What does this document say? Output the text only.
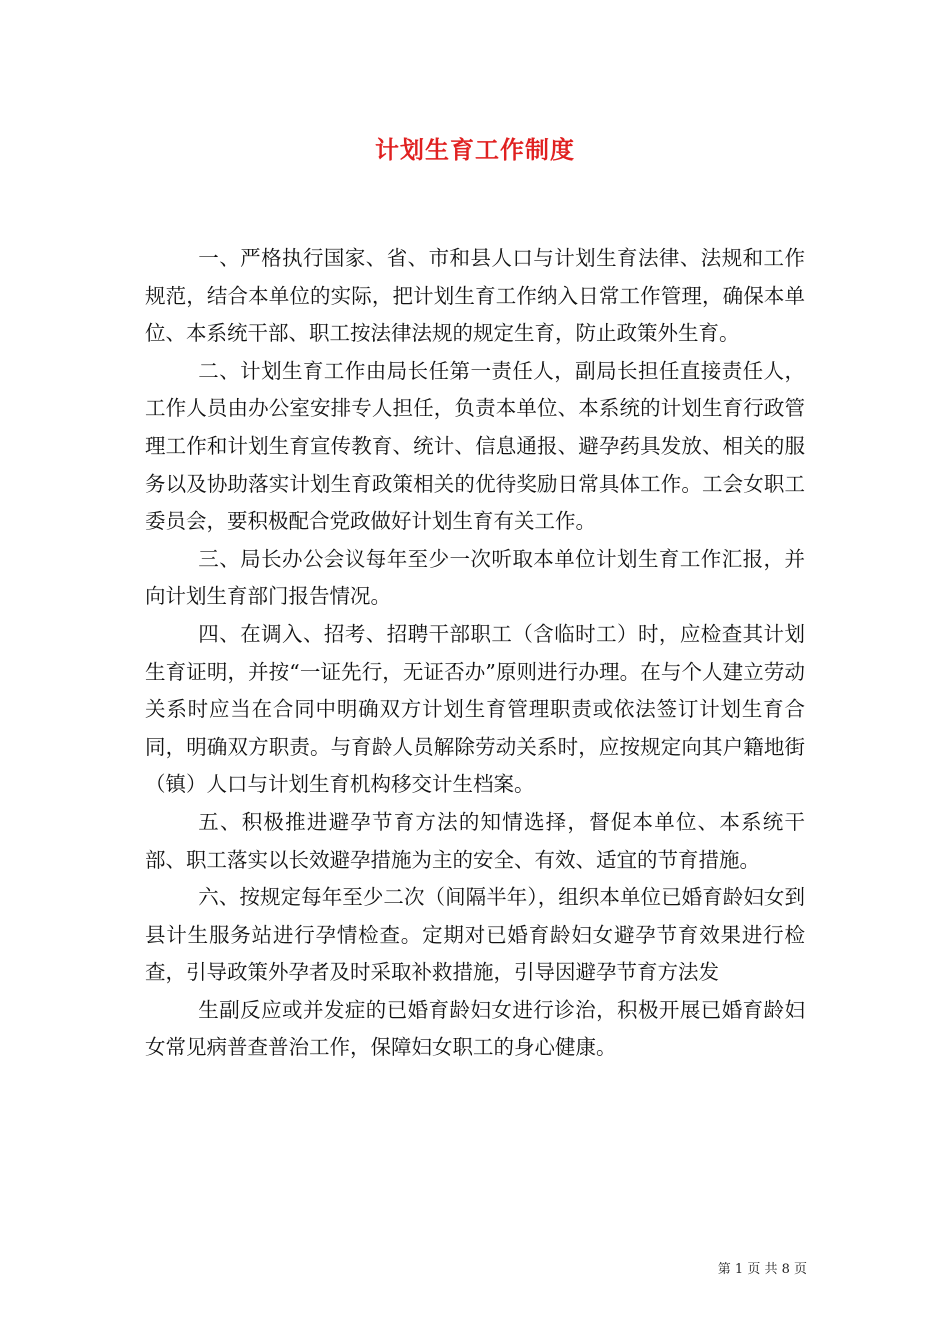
计划生育工作制度

一、严格执行国家、省、市和县人口与计划生育法律、法规和工作规范，结合本单位的实际，把计划生育工作纳入日常工作管理，确保本单位、本系统干部、职工按法律法规的规定生育，防止政策外生育。

二、计划生育工作由局长任第一责任人，副局长担任直接责任人，工作人员由办公室安排专人担任，负责本单位、本系统的计划生育行政管理工作和计划生育宣传教育、统计、信息通报、避孕药具发放、相关的服务以及协助落实计划生育政策相关的优待奖励日常具体工作。工会女职工委员会，要积极配合党政做好计划生育有关工作。

三、局长办公会议每年至少一次听取本单位计划生育工作汇报，并向计划生育部门报告情况。

四、在调入、招考、招聘干部职工（含临时工）时，应检查其计划生育证明，并按“一证先行，无证否办”原则进行办理。在与个人建立劳动关系时应当在合同中明确双方计划生育管理职责或依法签订计划生育合同，明确双方职责。与育龄人员解除劳动关系时，应按规定向其户籍地街（镇）人口与计划生育机构移交计生档案。

五、积极推进避孕节育方法的知情选择，督促本单位、本系统干部、职工落实以长效避孕措施为主的安全、有效、适宜的节育措施。

六、按规定每年至少二次（间隔半年），组织本单位已婚育龄妇女到县计生服务站进行孕情检查。定期对已婚育龄妇女避孕节育效果进行检查，引导政策外孕者及时采取补救措施，引导因避孕节育方法发

生副反应或并发症的已婚育龄妇女进行诊治，积极开展已婚育龄妇女常见病普查普治工作，保障妇女职工的身心健康。

第 1 页 共 8 页
